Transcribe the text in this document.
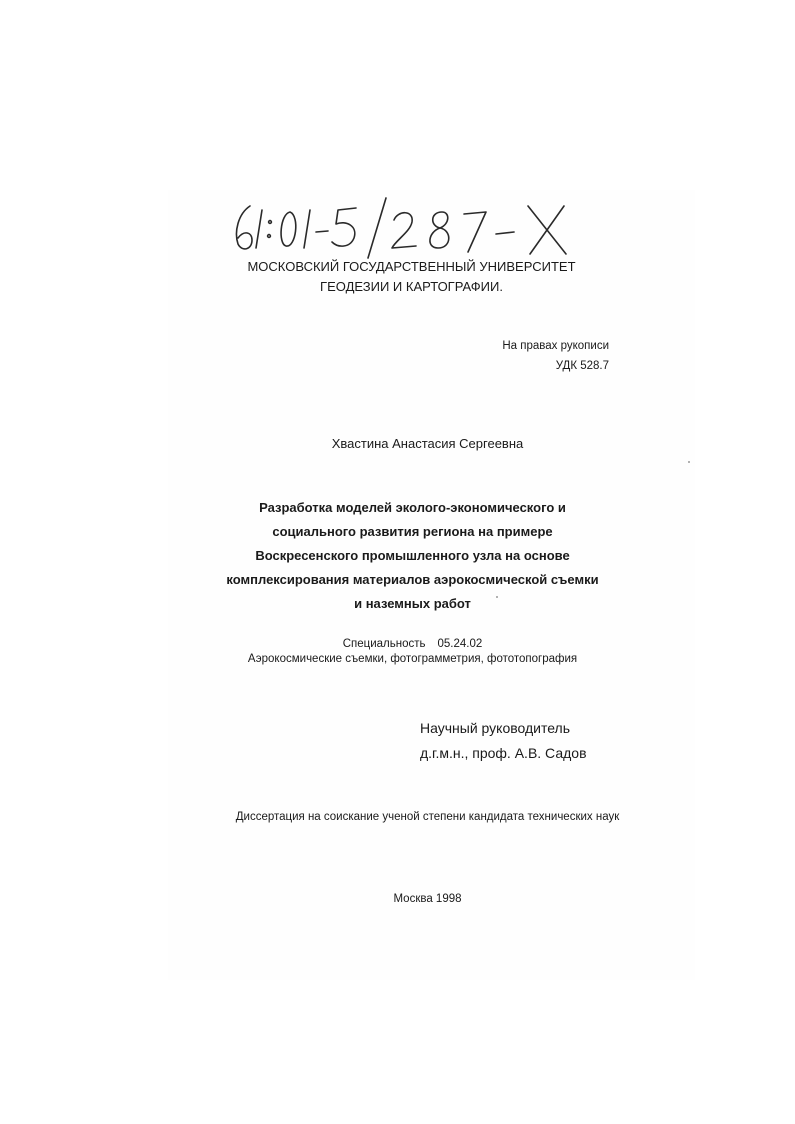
МОСКОВСКИЙ ГОСУДАРСТВЕННЫЙ УНИВЕРСИТЕТ
ГЕОДЕЗИИ И КАРТОГРАФИИ.
На правах рукописи
УДК 528.7
Хвастина Анастасия Сергеевна
Разработка моделей эколого-экономического и
социального развития региона на примере
Воскресенского промышленного узла на основе
комплексирования материалов аэрокосмической съемки
и наземных работ
Специальность 05.24.02
Аэрокосмические съемки, фотограмметрия, фототопография
Научный руководитель
д.г.м.н., проф. А.В. Садов
Диссертация на соискание ученой степени кандидата технических наук
Москва 1998
